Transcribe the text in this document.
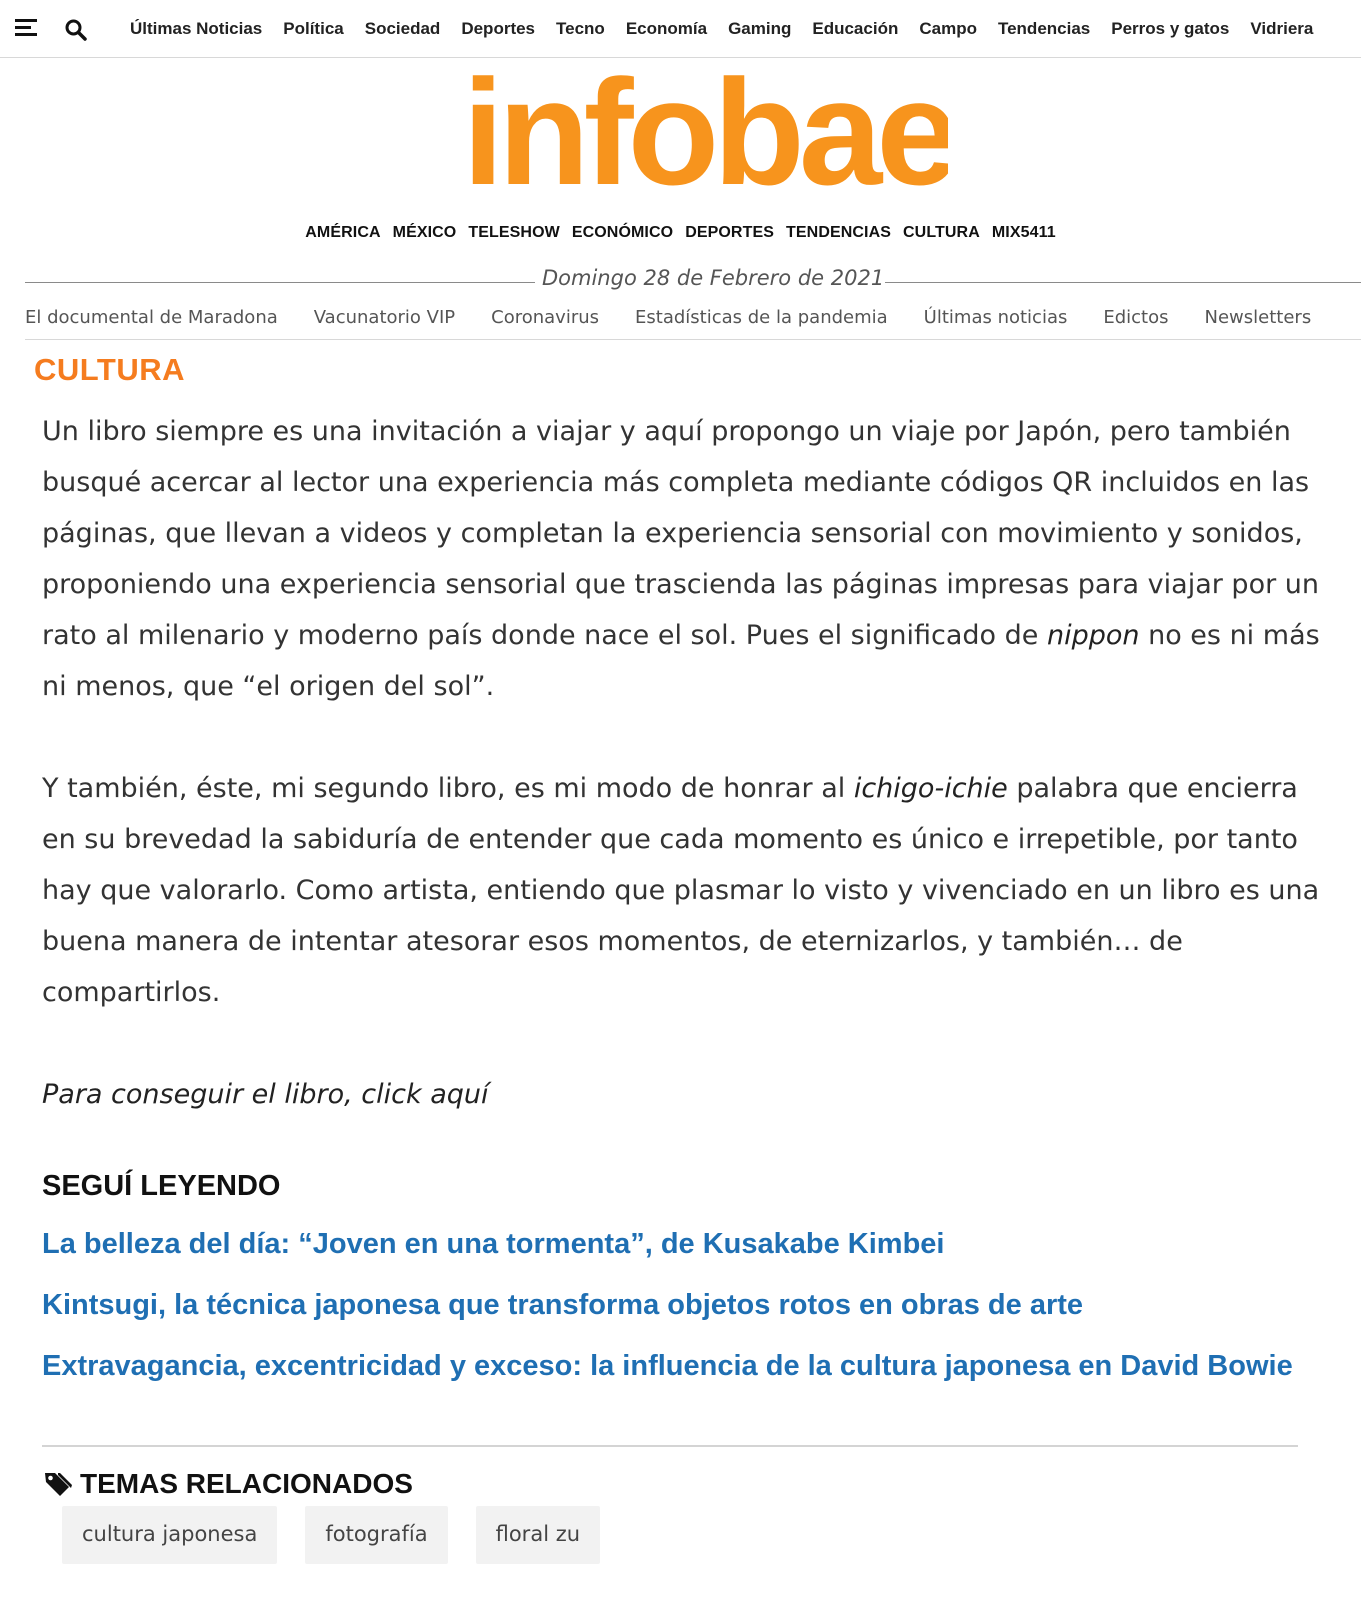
Últimas Noticias Política Sociedad Deportes Tecno Economía Gaming Educación Campo Tendencias Perros y gatos Vidriera
infobae
AMÉRICA MÉXICO TELESHOW ECONÓMICO DEPORTES TENDENCIAS CULTURA MIX5411
Domingo 28 de Febrero de 2021
El documental de Maradona Vacunatorio VIP Coronavirus Estadísticas de la pandemia Últimas noticias Edictos Newsletters
CULTURA

Un libro siempre es una invitación a viajar y aquí propongo un viaje por Japón, pero también busqué acercar al lector una experiencia más completa mediante códigos QR incluidos en las páginas, que llevan a videos y completan la experiencia sensorial con movimiento y sonidos, proponiendo una experiencia sensorial que trascienda las páginas impresas para viajar por un rato al milenario y moderno país donde nace el sol. Pues el significado de nippon no es ni más ni menos, que “el origen del sol”.

Y también, éste, mi segundo libro, es mi modo de honrar al ichigo-ichie palabra que encierra en su brevedad la sabiduría de entender que cada momento es único e irrepetible, por tanto hay que valorarlo. Como artista, entiendo que plasmar lo visto y vivenciado en un libro es una buena manera de intentar atesorar esos momentos, de eternizarlos, y también… de compartirlos.

Para conseguir el libro, click aquí

SEGUÍ LEYENDO
La belleza del día: “Joven en una tormenta”, de Kusakabe Kimbei
Kintsugi, la técnica japonesa que transforma objetos rotos en obras de arte
Extravagancia, excentricidad y exceso: la influencia de la cultura japonesa en David Bowie
TEMAS RELACIONADOS
cultura japonesa	fotografía	floral zu
